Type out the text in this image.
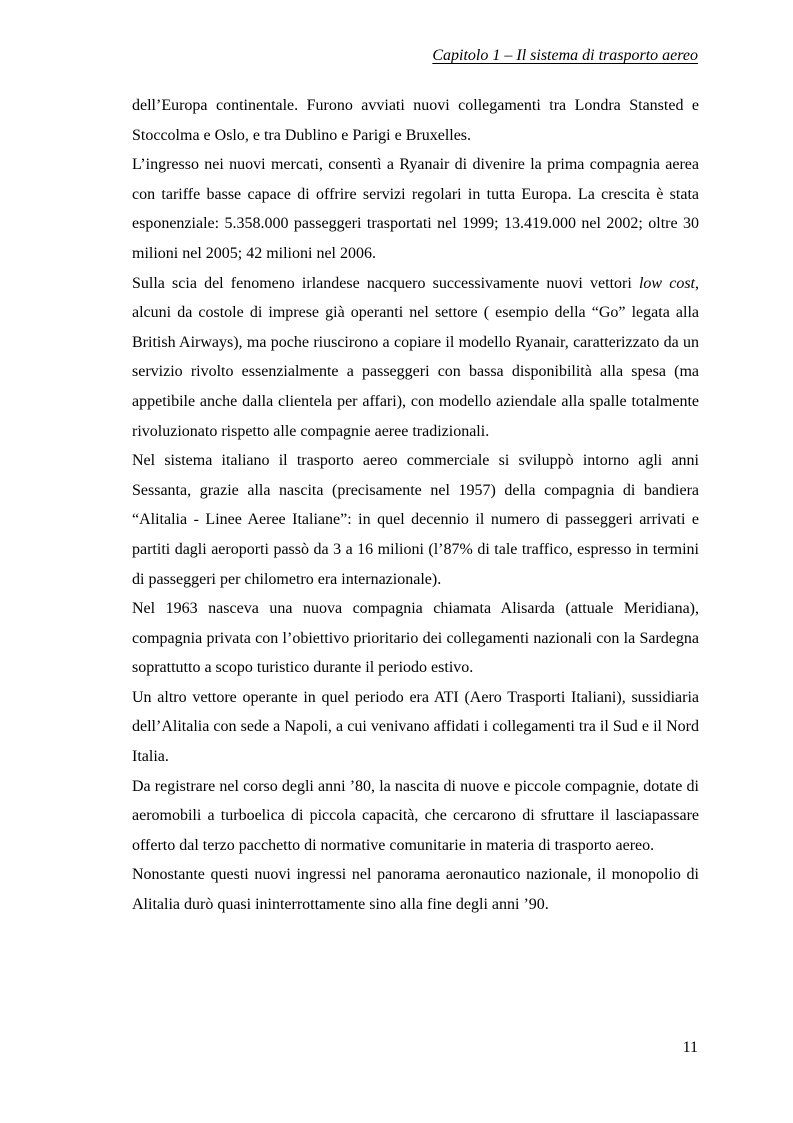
Capitolo 1 – Il sistema di trasporto aereo

dell’Europa continentale. Furono avviati nuovi collegamenti tra Londra Stansted e Stoccolma e Oslo, e tra Dublino e Parigi e Bruxelles.

L’ingresso nei nuovi mercati, consentì a Ryanair di divenire la prima compagnia aerea con tariffe basse capace di offrire servizi regolari in tutta Europa. La crescita è stata esponenziale: 5.358.000 passeggeri trasportati nel 1999; 13.419.000 nel 2002; oltre 30 milioni nel 2005; 42 milioni nel 2006.

Sulla scia del fenomeno irlandese nacquero successivamente nuovi vettori low cost, alcuni da costole di imprese già operanti nel settore ( esempio della “Go” legata alla British Airways), ma poche riuscirono a copiare il modello Ryanair, caratterizzato da un servizio rivolto essenzialmente a passeggeri con bassa disponibilità alla spesa (ma appetibile anche dalla clientela per affari), con modello aziendale alla spalle totalmente rivoluzionato rispetto alle compagnie aeree tradizionali.

Nel sistema italiano il trasporto aereo commerciale si sviluppò intorno agli anni Sessanta, grazie alla nascita (precisamente nel 1957) della compagnia di bandiera “Alitalia - Linee Aeree Italiane”: in quel decennio il numero di passeggeri arrivati e partiti dagli aeroporti passò da 3 a 16 milioni (l’87% di tale traffico, espresso in termini di passeggeri per chilometro era internazionale).

Nel 1963 nasceva una nuova compagnia chiamata Alisarda (attuale Meridiana), compagnia privata con l’obiettivo prioritario dei collegamenti nazionali con la Sardegna soprattutto a scopo turistico durante il periodo estivo.

Un altro vettore operante in quel periodo era ATI (Aero Trasporti Italiani), sussidiaria dell’Alitalia con sede a Napoli, a cui venivano affidati i collegamenti tra il Sud e il Nord Italia.

Da registrare nel corso degli anni ’80, la nascita di nuove e piccole compagnie, dotate di aeromobili a turboelica di piccola capacità, che cercarono di sfruttare il lasciapassare offerto dal terzo pacchetto di normative comunitarie in materia di trasporto aereo.

Nonostante questi nuovi ingressi nel panorama aeronautico nazionale, il monopolio di Alitalia durò quasi ininterrottamente sino alla fine degli anni ’90.

11
